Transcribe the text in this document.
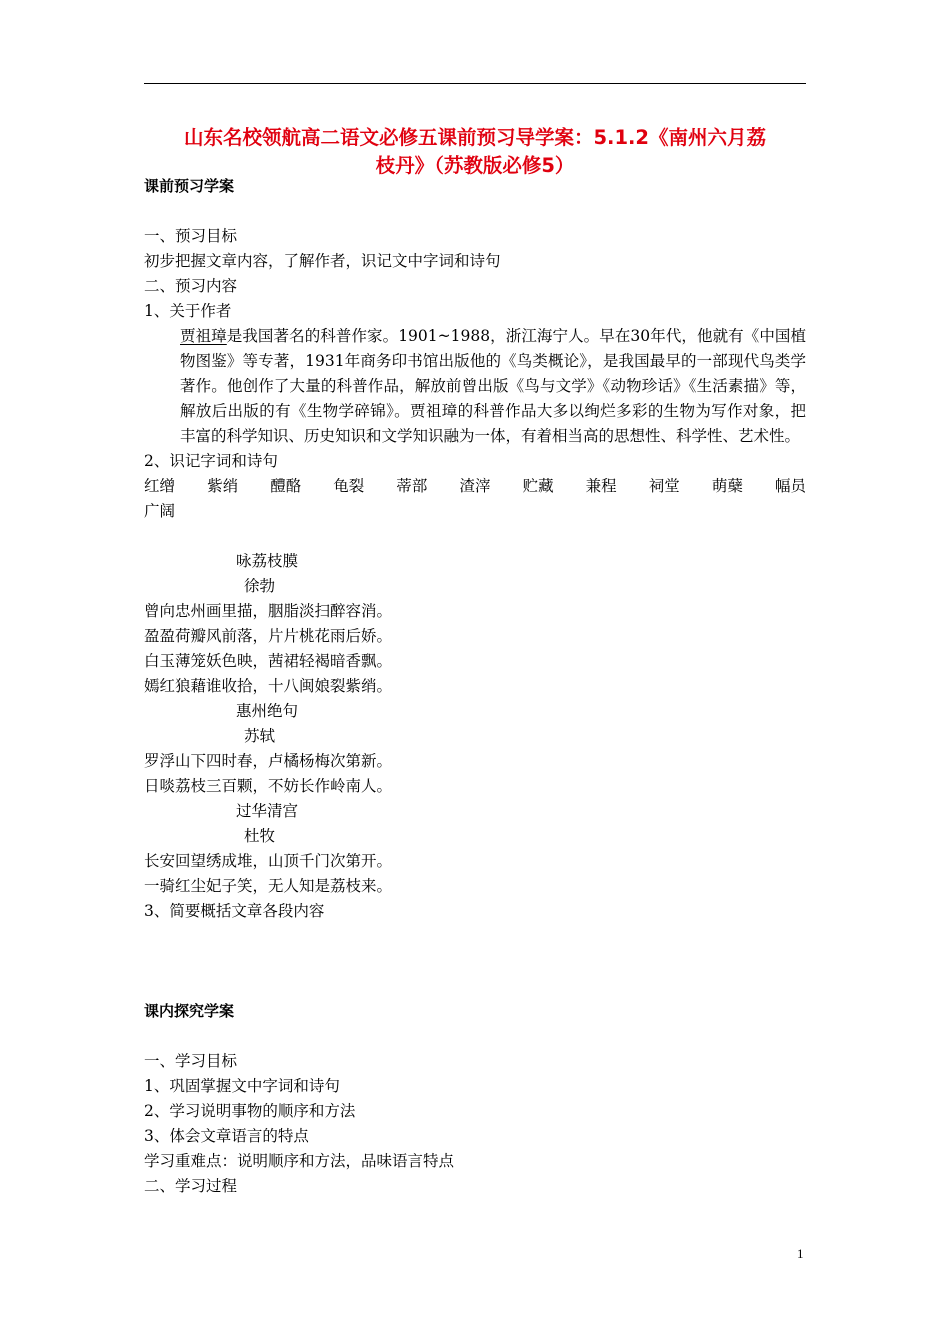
山东名校领航高二语文必修五课前预习导学案：5.1.2《南州六月荔
枝丹》（苏教版必修5）
课前预习学案
一、预习目标
初步把握文章内容，了解作者，识记文中字词和诗句
二、预习内容
1、关于作者
贾祖璋是我国著名的科普作家。1901~1988，浙江海宁人。早在30年代，他就有《中国植物图鉴》等专著，1931年商务印书馆出版他的《鸟类概论》，是我国最早的一部现代鸟类学著作。他创作了大量的科普作品，解放前曾出版《鸟与文学》《动物珍话》《生活素描》等，解放后出版的有《生物学碎锦》。贾祖璋的科普作品大多以绚烂多彩的生物为写作对象，把丰富的科学知识、历史知识和文学知识融为一体，有着相当高的思想性、科学性、艺术性。
2、识记字词和诗句
红缯 紫绡 醴酪 龟裂 蒂部 渣滓 贮藏 兼程 祠堂 萌蘖 幅员
广阔
咏荔枝膜
徐勃
曾向忠州画里描，胭脂淡扫醉容消。
盈盈荷瓣风前落，片片桃花雨后娇。
白玉薄笼妖色映，茜裙轻褐暗香飘。
嫣红狼藉谁收拾，十八闽娘裂紫绡。
惠州绝句
苏轼
罗浮山下四时春，卢橘杨梅次第新。
日啖荔枝三百颗，不妨长作岭南人。
过华清宫
杜牧
长安回望绣成堆，山顶千门次第开。
一骑红尘妃子笑，无人知是荔枝来。
3、简要概括文章各段内容
课内探究学案
一、学习目标
1、巩固掌握文中字词和诗句
2、学习说明事物的顺序和方法
3、体会文章语言的特点
学习重难点：说明顺序和方法，品味语言特点
二、学习过程
1
